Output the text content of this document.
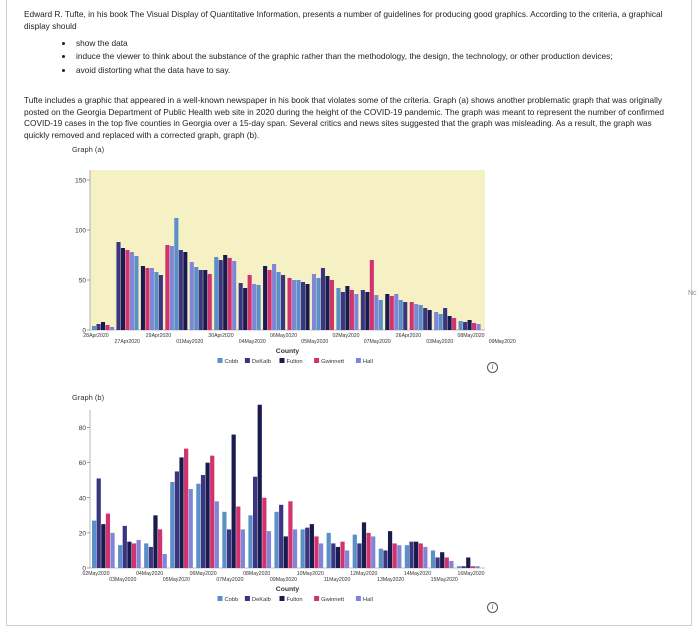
Edward R. Tufte, in his book The Visual Display of Quantitative Information, presents a number of guidelines for producing good graphics. According to the criteria, a graphical display should
• show the data
• induce the viewer to think about the substance of the graphic rather than the methodology, the design, the technology, or other production devices;
• avoid distorting what the data have to say.
Tufte includes a graphic that appeared in a well-known newspaper in his book that violates some of the criteria. Graph (a) shows another problematic graph that was originally posted on the Georgia Department of Public Health web site in 2020 during the height of the COVID-19 pandemic. The graph was meant to represent the number of confirmed COVID-19 cases in the top five counties in Georgia over a 15-day span. Several critics and news sites suggested that the graph was misleading. As a result, the graph was quickly removed and replaced with a corrected graph, graph (b).
Graph (a)
0
50
100
150
28Apr2020	29Apr2020	30Apr2020	06May2020	02May2020	26Apr2020	08May2020
27Apr2020	01May2020	04May2020	05May2020	07May2020	03May2020	09May2020
County
Cobb DeKalb	Fulton	Gwinnett	Hall
i
Graph (b)
0
20
40
60
80
02May2020	04May2020	06May2020	08May2020	10May2020	12May2020	14May2020	16May2020
03May2020	05May2020	07May2020	09May2020	11May2020	13May2020	15May2020
County
Cobb DeKalb	Fulton	Gwinnett	Hall
i
Nc
